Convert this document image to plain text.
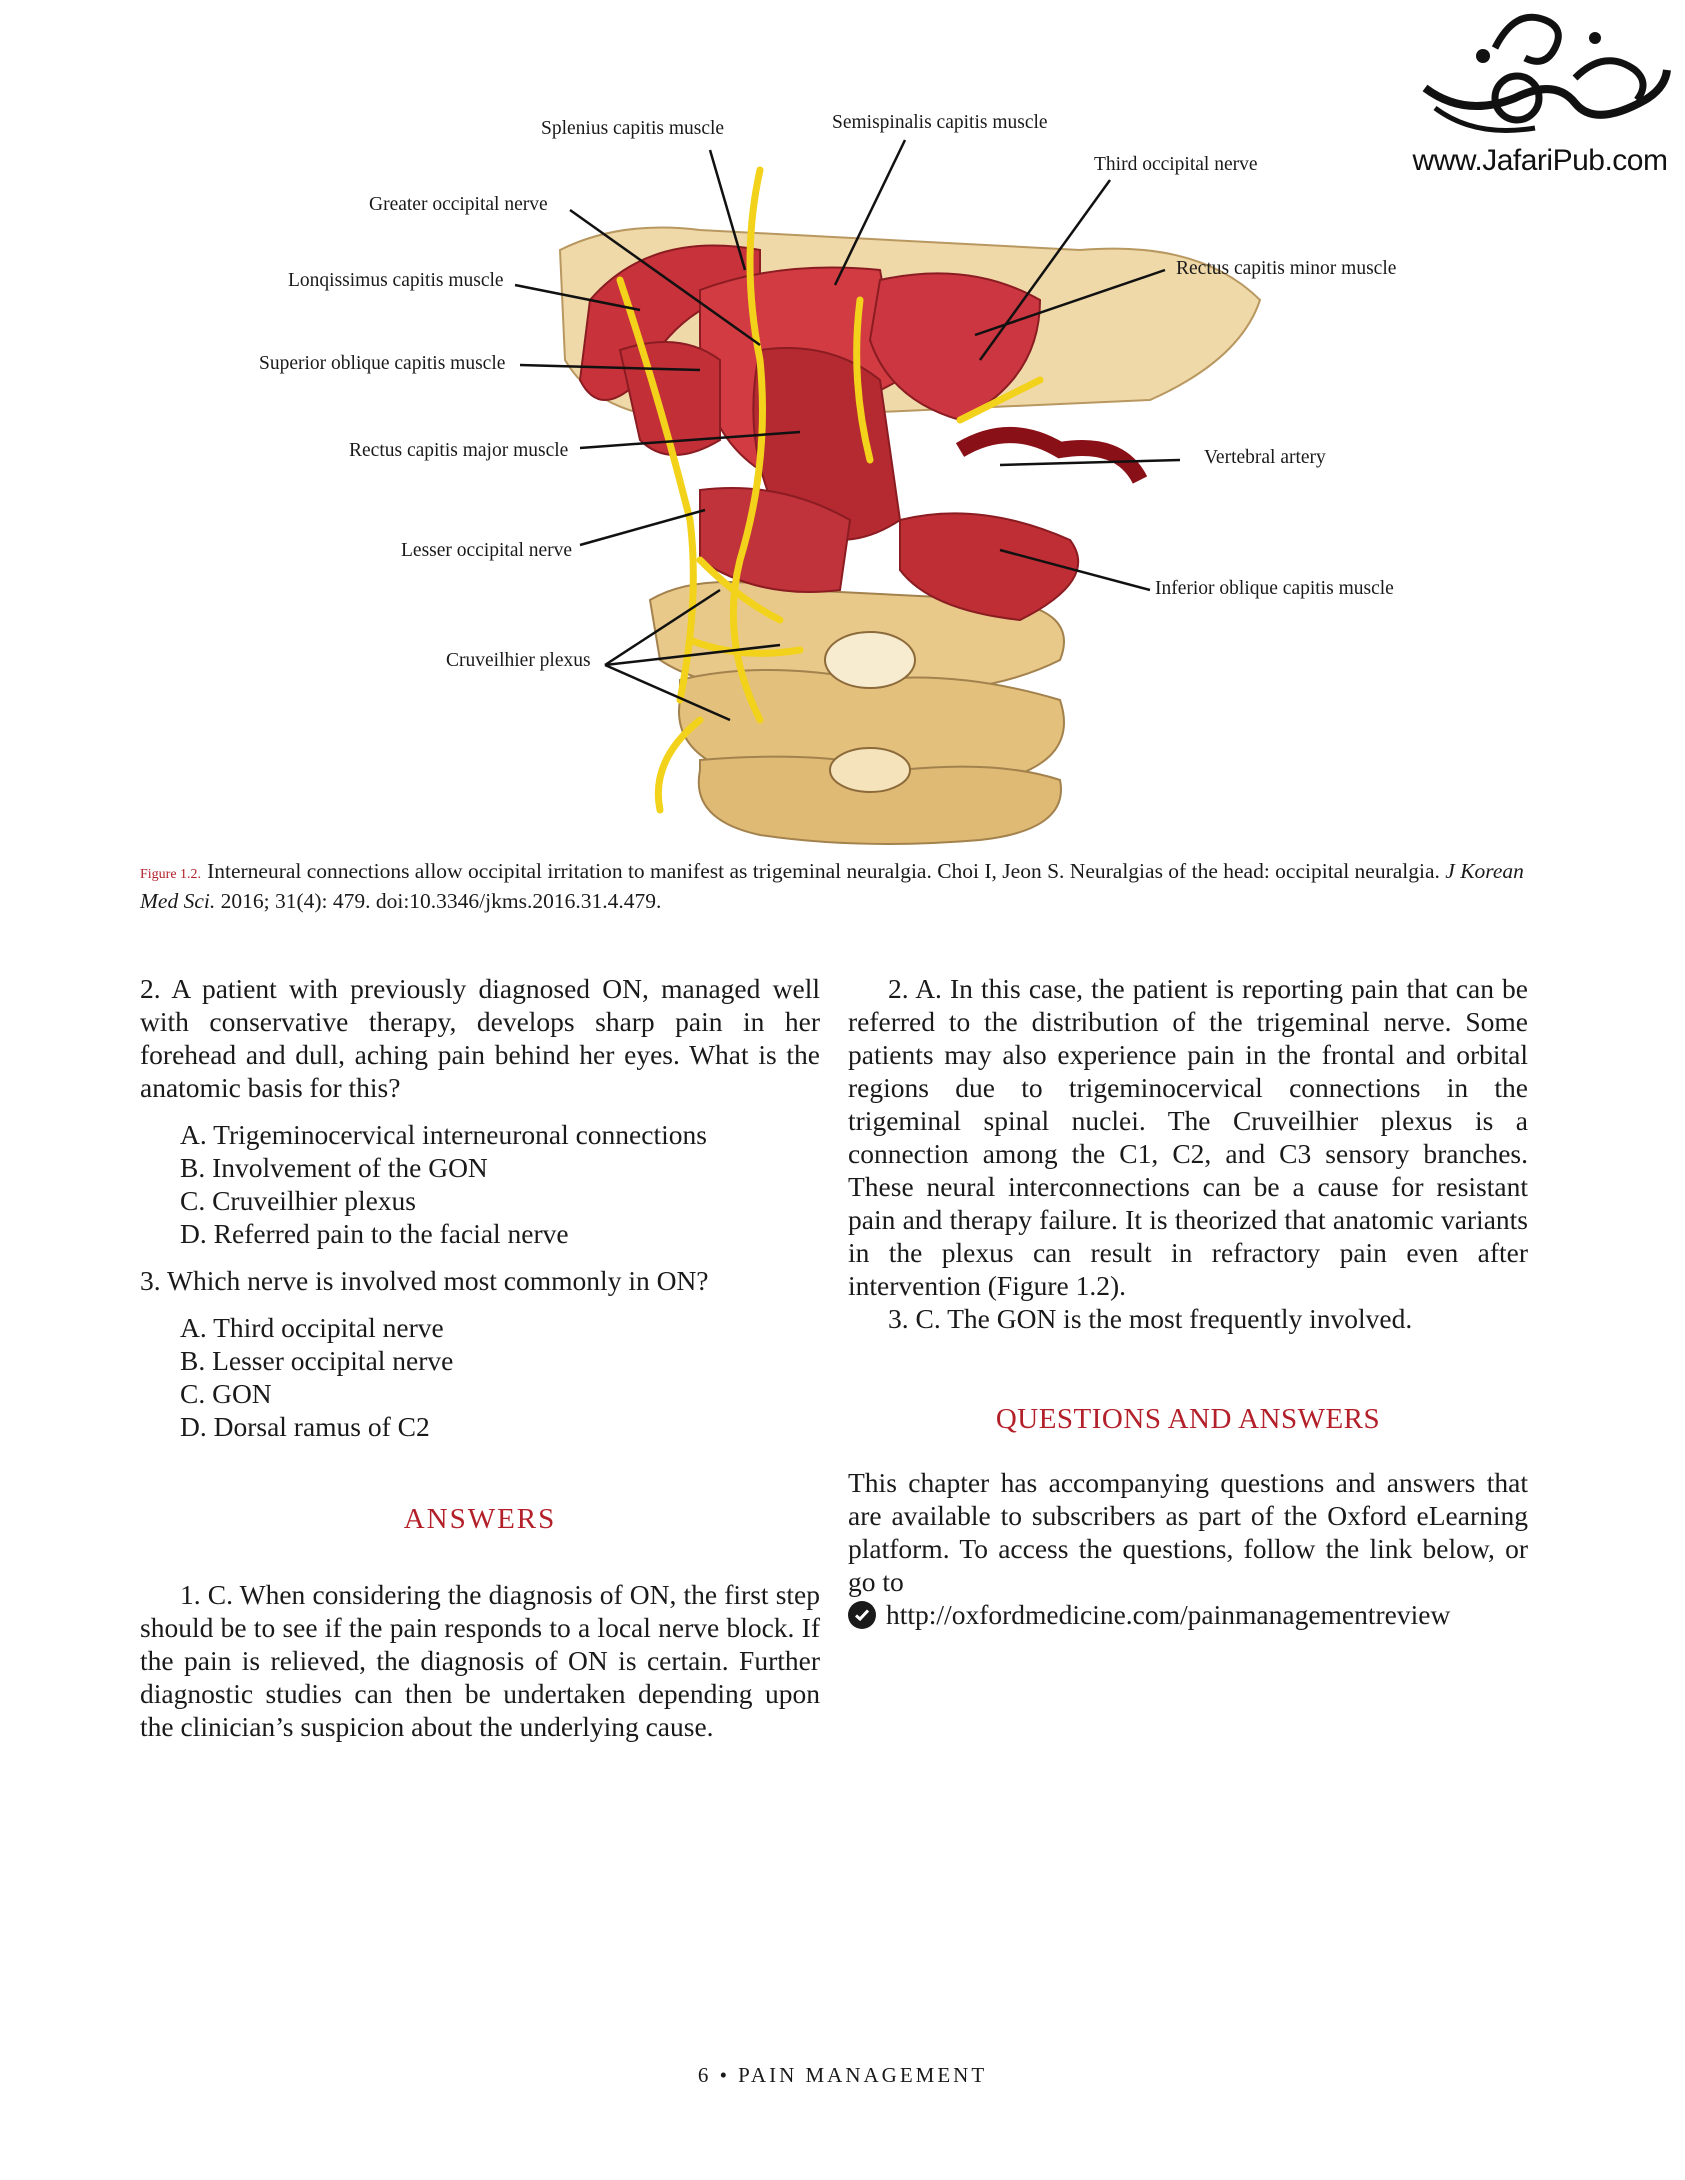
www.JafariPub.com
Splenius capitis muscle	Semispinalis capitis muscle
Third occipital nerve
Greater occipital nerve
Lonqissimus capitis muscle
Rectus capitis minor muscle
Superior oblique capitis muscle
Rectus capitis major muscle	Vertebral artery
Lesser occipital nerve
Inferior oblique capitis muscle
Cruveilhier plexus
Figure 1.2. Interneural connections allow occipital irritation to manifest as trigeminal neuralgia. Choi I, Jeon S. Neuralgias of the head: occipital neuralgia. J Korean Med Sci. 2016; 31(4): 479. doi:10.3346/jkms.2016.31.4.479.

2. A patient with previously diagnosed ON, managed well with conservative therapy, develops sharp pain in her forehead and dull, aching pain behind her eyes. What is the anatomic basis for this?

A. Trigeminocervical interneuronal connections
B. Involvement of the GON
C. Cruveilhier plexus
D. Referred pain to the facial nerve

3. Which nerve is involved most commonly in ON?

A. Third occipital nerve
B. Lesser occipital nerve
C. GON
D. Dorsal ramus of C2

ANSWERS

1. C. When considering the diagnosis of ON, the first step should be to see if the pain responds to a local nerve block. If the pain is relieved, the diagnosis of ON is certain. Further diagnostic studies can then be undertaken depending upon the clinician’s suspicion about the underlying cause.

2. A. In this case, the patient is reporting pain that can be referred to the distribution of the trigeminal nerve. Some patients may also experience pain in the frontal and orbital regions due to trigeminocervical connections in the trigeminal spinal nuclei. The Cruveilhier plexus is a connection among the C1, C2, and C3 sensory branches. These neural interconnections can be a cause for resistant pain and therapy failure. It is theorized that anatomic variants in the plexus can result in refractory pain even after intervention (Figure 1.2).

3. C. The GON is the most frequently involved.

QUESTIONS AND ANSWERS

This chapter has accompanying questions and answers that are available to subscribers as part of the Oxford eLearning platform. To access the questions, follow the link below, or go to

http://oxfordmedicine.com/painmanagementreview
6 • PAIN MANAGEMENT
